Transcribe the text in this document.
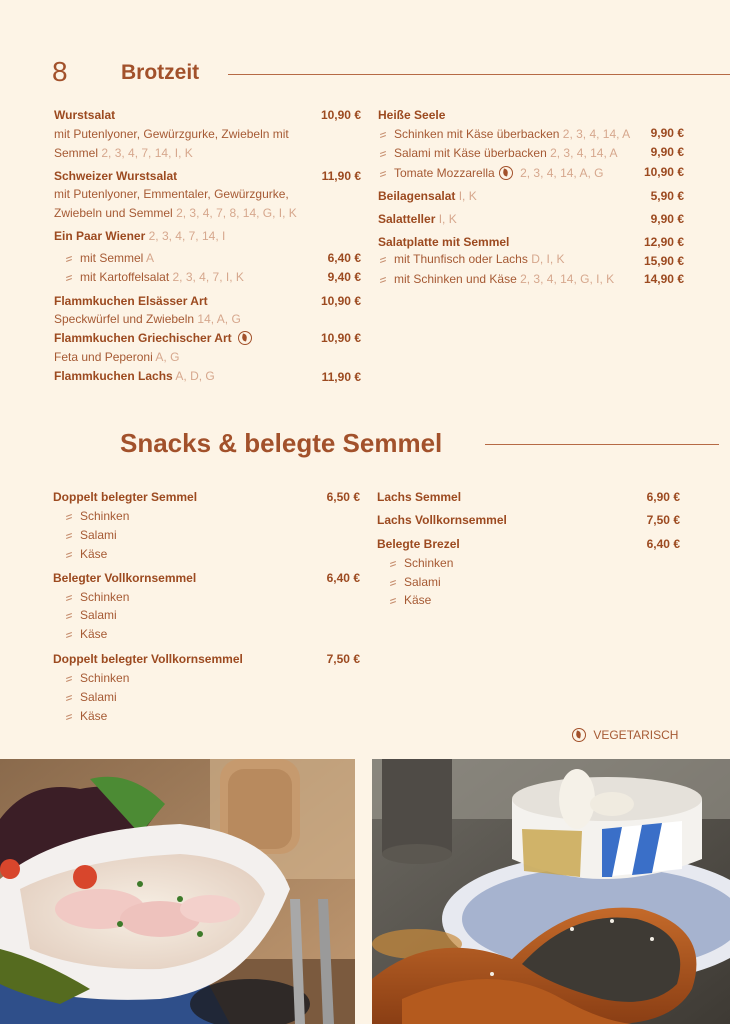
8	Brotzeit
Wurstsalat	10,90 €
mit Putenlyoner, Gewürzgurke, Zwiebeln mit
Semmel 2, 3, 4, 7, 14, I, K
Schweizer Wurstsalat	11,90 €
mit Putenlyoner, Emmentaler, Gewürzgurke,
Zwiebeln und Semmel 2, 3, 4, 7, 8, 14, G, I, K
Ein Paar Wiener 2, 3, 4, 7, 14, I
mit Semmel A	6,40 €
mit Kartoffelsalat 2, 3, 4, 7, I, K	9,40 €
Flammkuchen Elsässer Art	10,90 €
Speckwürfel und Zwiebeln 14, A, G
Flammkuchen Griechischer Art	10,90 €
Feta und Peperoni A, G
Flammkuchen Lachs A, D, G	11,90 €
Heiße Seele
Schinken mit Käse überbacken 2, 3, 4, 14, A	9,90 €
Salami mit Käse überbacken 2, 3, 4, 14, A	9,90 €
Tomate Mozzarella 2, 3, 4, 14, A, G	10,90 €
Beilagensalat I, K	5,90 €
Salatteller I, K	9,90 €
Salatplatte mit Semmel	12,90 €
mit Thunfisch oder Lachs D, I, K	15,90 €
mit Schinken und Käse 2, 3, 4, 14, G, I, K	14,90 €
Snacks & belegte Semmel
Doppelt belegter Semmel	6,50 €
Schinken
Salami
Käse
Belegter Vollkornsemmel	6,40 €
Schinken
Salami
Käse
Doppelt belegter Vollkornsemmel	7,50 €
Schinken
Salami
Käse
Lachs Semmel	6,90 €
Lachs Vollkornsemmel	7,50 €
Belegte Brezel	6,40 €
Schinken
Salami
Käse
VEGETARISCH
